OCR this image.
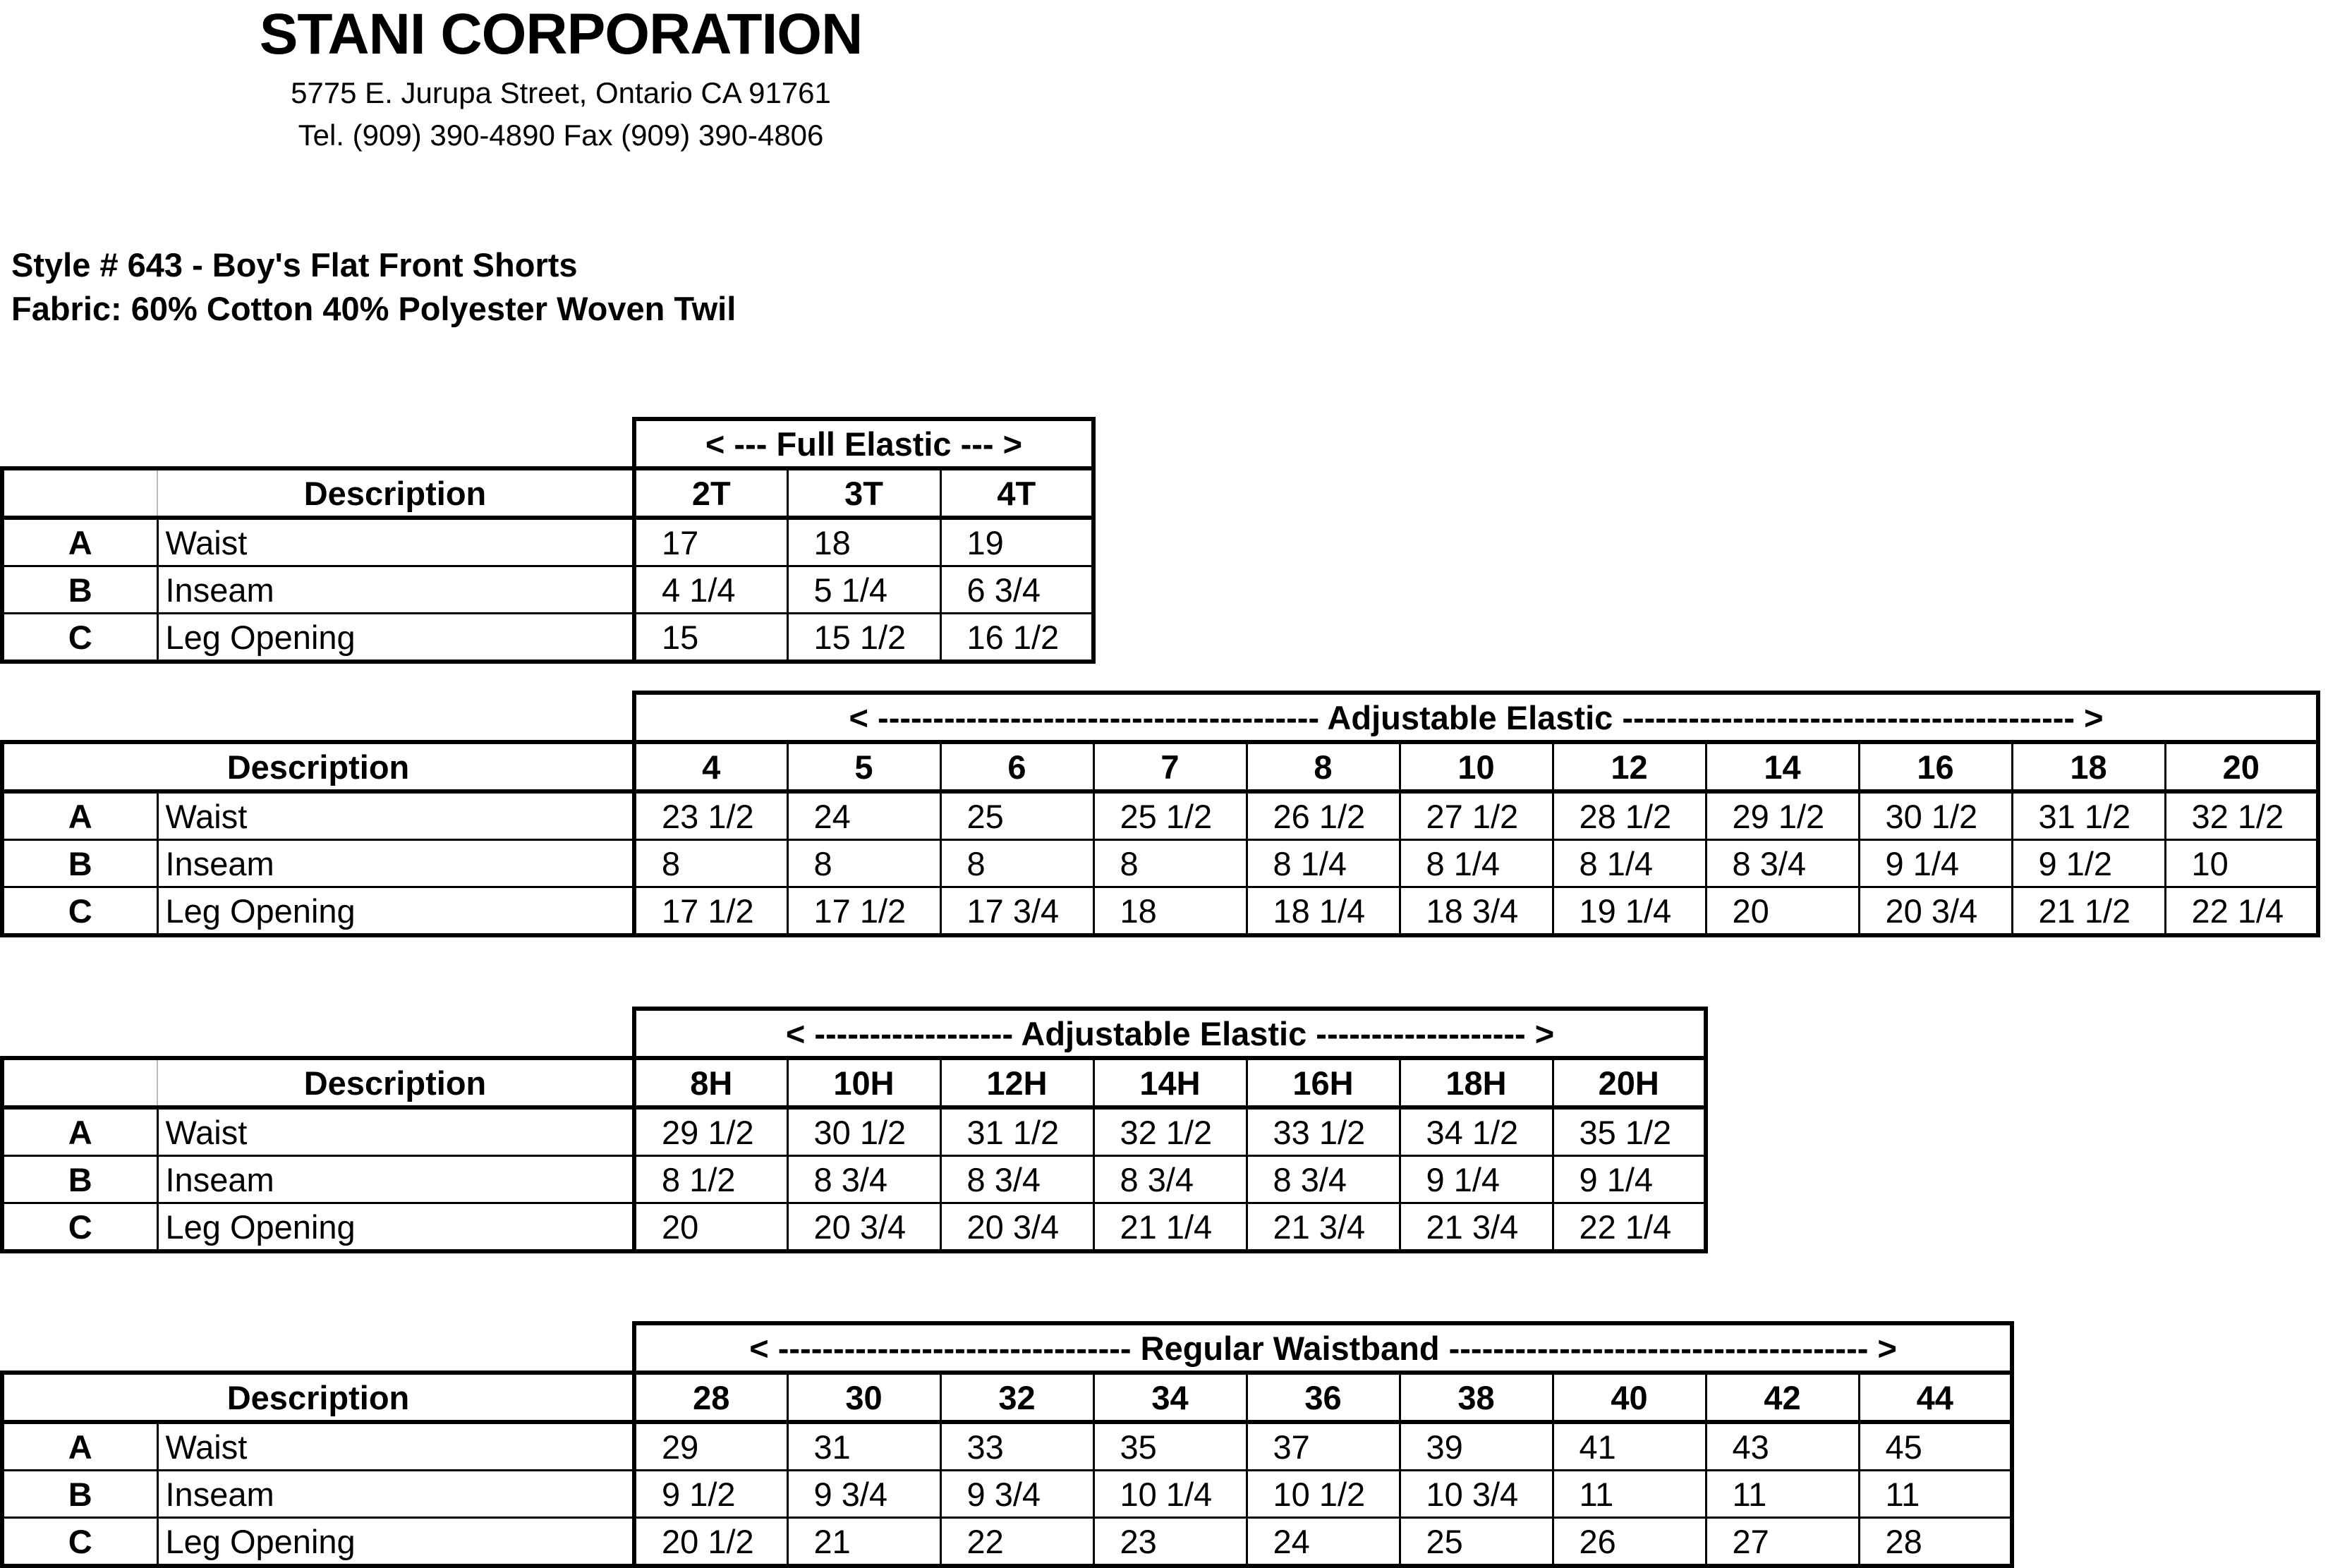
STANI CORPORATION
5775 E. Jurupa Street, Ontario CA 91761
Tel. (909) 390-4890 Fax (909) 390-4806
Style # 643 - Boy's Flat Front Shorts
Fabric: 60% Cotton 40% Polyester Woven Twil
		< --- Full Elastic --- >		
	Description	2T	3T	4T
A	Waist	17	18	19
B	Inseam	4 1/4	5 1/4	6 3/4
C	Leg Opening	15	15 1/2	16 1/2
		< ---------------------------------------- Adjustable Elastic ----------------------------------------- >										
Description		4	5	6	7	8	10	12	14	16	18	20
A	Waist	23 1/2	24	25	25 1/2	26 1/2	27 1/2	28 1/2	29 1/2	30 1/2	31 1/2	32 1/2
B	Inseam	8	8	8	8	8 1/4	8 1/4	8 1/4	8 3/4	9 1/4	9 1/2	10
C	Leg Opening	17 1/2	17 1/2	17 3/4	18	18 1/4	18 3/4	19 1/4	20	20 3/4	21 1/2	22 1/4
		< ------------------ Adjustable Elastic ------------------- >						
	Description	8H	10H	12H	14H	16H	18H	20H
A	Waist	29 1/2	30 1/2	31 1/2	32 1/2	33 1/2	34 1/2	35 1/2
B	Inseam	8 1/2	8 3/4	8 3/4	8 3/4	8 3/4	9 1/4	9 1/4
C	Leg Opening	20	20 3/4	20 3/4	21 1/4	21 3/4	21 3/4	22 1/4
		< -------------------------------- Regular Waistband -------------------------------------- >								
Description		28	30	32	34	36	38	40	42	44
A	Waist	29	31	33	35	37	39	41	43	45
B	Inseam	9 1/2	9 3/4	9 3/4	10 1/4	10 1/2	10 3/4	11	11	11
C	Leg Opening	20 1/2	21	22	23	24	25	26	27	28
